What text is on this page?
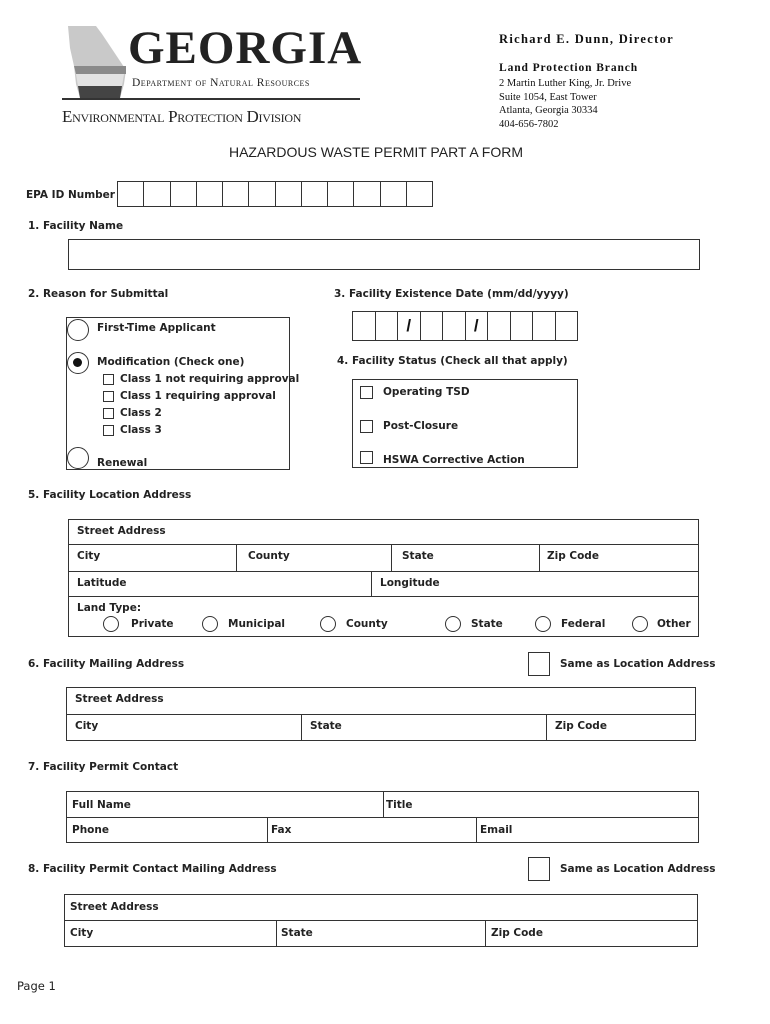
GEORGIA
Department of Natural Resources
Environmental Protection Division
Richard E. Dunn, Director
Land Protection Branch
2 Martin Luther King, Jr. Drive
Suite 1054, East Tower
Atlanta, Georgia 30334
404-656-7802
HAZARDOUS WASTE PERMIT PART A FORM
EPA ID Number
1. Facility Name
2. Reason for Submittal
First-Time Applicant
Modification (Check one)
Class 1 not requiring approval
Class 1 requiring approval
Class 2
Class 3
Renewal
3. Facility Existence Date (mm/dd/yyyy)
/	/
4. Facility Status (Check all that apply)
Operating TSD
Post-Closure
HSWA Corrective Action
5. Facility Location Address
Street Address
City	County	State	Zip Code
Latitude	Longitude
Land Type:
Private	Municipal	County	State	Federal	Other
6. Facility Mailing Address	Same as Location Address
Street Address
City	State	Zip Code
7. Facility Permit Contact
Full Name	Title
Phone	Fax	Email
8. Facility Permit Contact Mailing Address	Same as Location Address
Street Address
City	State	Zip Code
Page 1
